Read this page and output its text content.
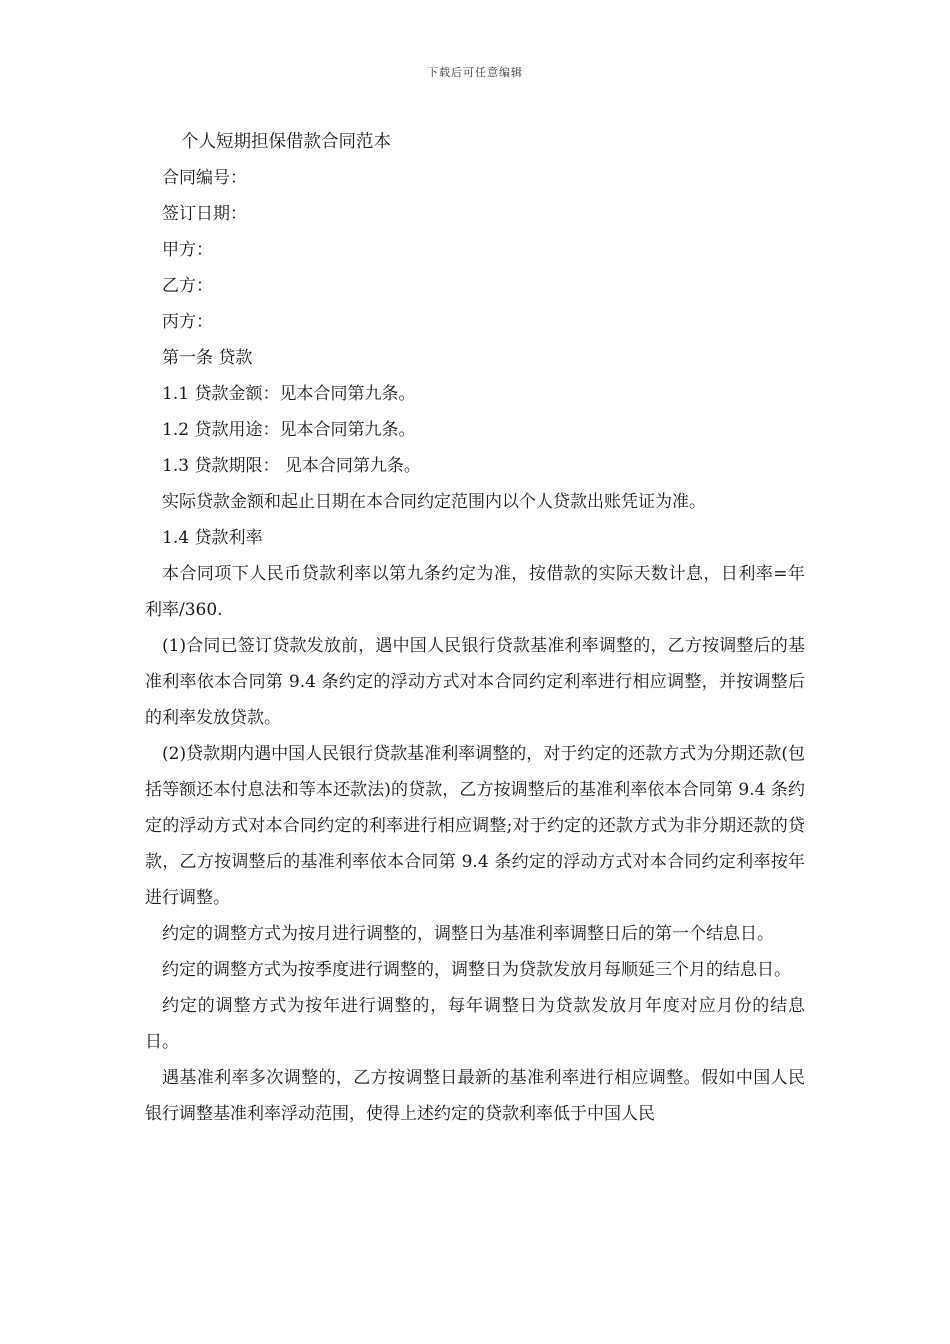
下载后可任意编辑
个人短期担保借款合同范本
合同编号：
签订日期：
甲方：
乙方：
丙方：
第一条 贷款
1.1 贷款金额：见本合同第九条。
1.2 贷款用途：见本合同第九条。
1.3 贷款期限： 见本合同第九条。
实际贷款金额和起止日期在本合同约定范围内以个人贷款出账凭证为准。
1.4 贷款利率

本合同项下人民币贷款利率以第九条约定为准，按借款的实际天数计息，日利率=年利率/360.

(1)合同已签订贷款发放前，遇中国人民银行贷款基准利率调整的，乙方按调整后的基准利率依本合同第 9.4 条约定的浮动方式对本合同约定利率进行相应调整，并按调整后的利率发放贷款。

(2)贷款期内遇中国人民银行贷款基准利率调整的，对于约定的还款方式为分期还款(包括等额还本付息法和等本还款法)的贷款，乙方按调整后的基准利率依本合同第 9.4 条约定的浮动方式对本合同约定的利率进行相应调整;对于约定的还款方式为非分期还款的贷款，乙方按调整后的基准利率依本合同第 9.4 条约定的浮动方式对本合同约定利率按年进行调整。

约定的调整方式为按月进行调整的，调整日为基准利率调整日后的第一个结息日。

约定的调整方式为按季度进行调整的，调整日为贷款发放月每顺延三个月的结息日。

约定的调整方式为按年进行调整的，每年调整日为贷款发放月年度对应月份的结息日。

遇基准利率多次调整的，乙方按调整日最新的基准利率进行相应调整。假如中国人民银行调整基准利率浮动范围，使得上述约定的贷款利率低于中国人民
